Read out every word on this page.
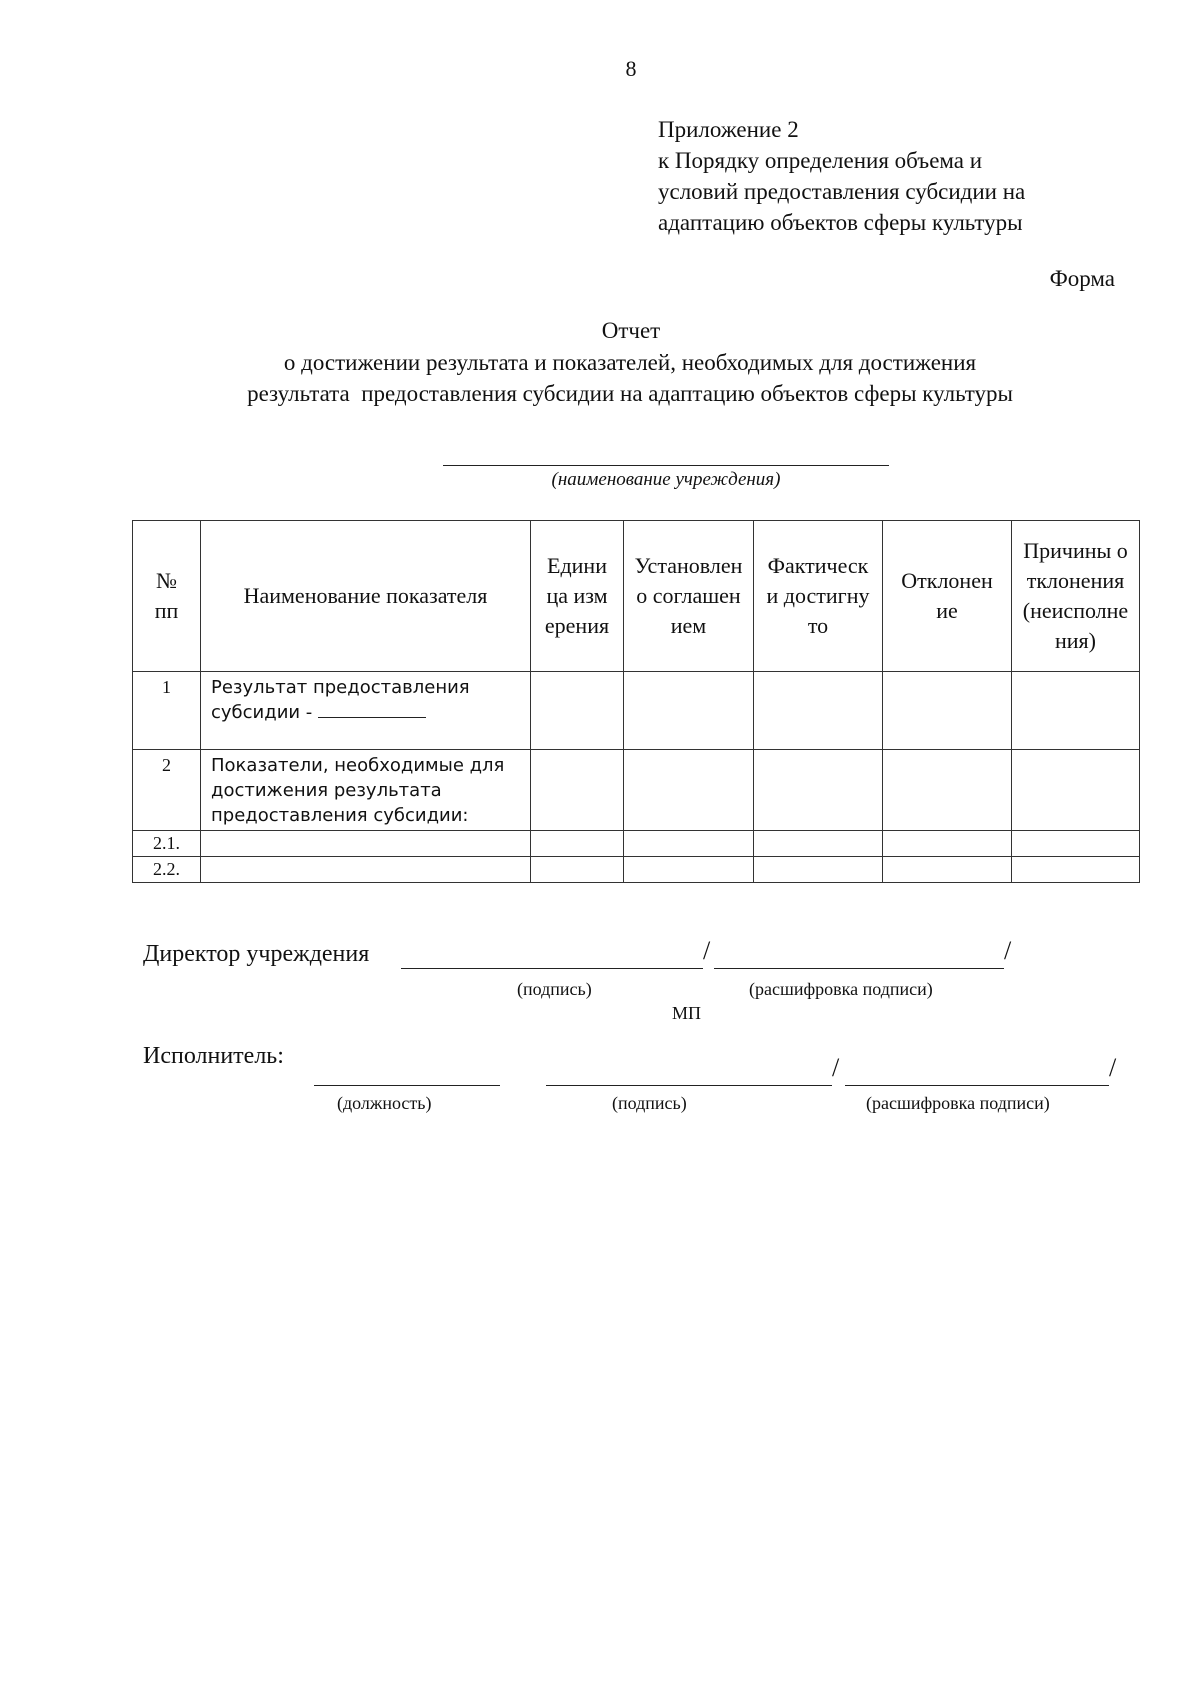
8
Приложение 2
к Порядку определения объема и
условий предоставления субсидии на
адаптацию объектов сферы культуры
Форма
Отчет
о достижении результата и показателей, необходимых для достижения
результата  предоставления субсидии на адаптацию объектов сферы культуры
(наименование учреждения)
№ пп	Наименование показателя	Единица измерения	Установлено соглашением	Фактически достигнуто	Отклонение	Причины отклонения (неисполнения)

1	Результат предоставления субсидии -					
2	Показатели, необходимые для достижения результата предоставления субсидии:					
2.1.						
2.2.						
Директор учреждения	/	/
(подпись)	(расшифровка подписи)
МП
Исполнитель:	/	/
(должность)	(подпись)	(расшифровка подписи)
